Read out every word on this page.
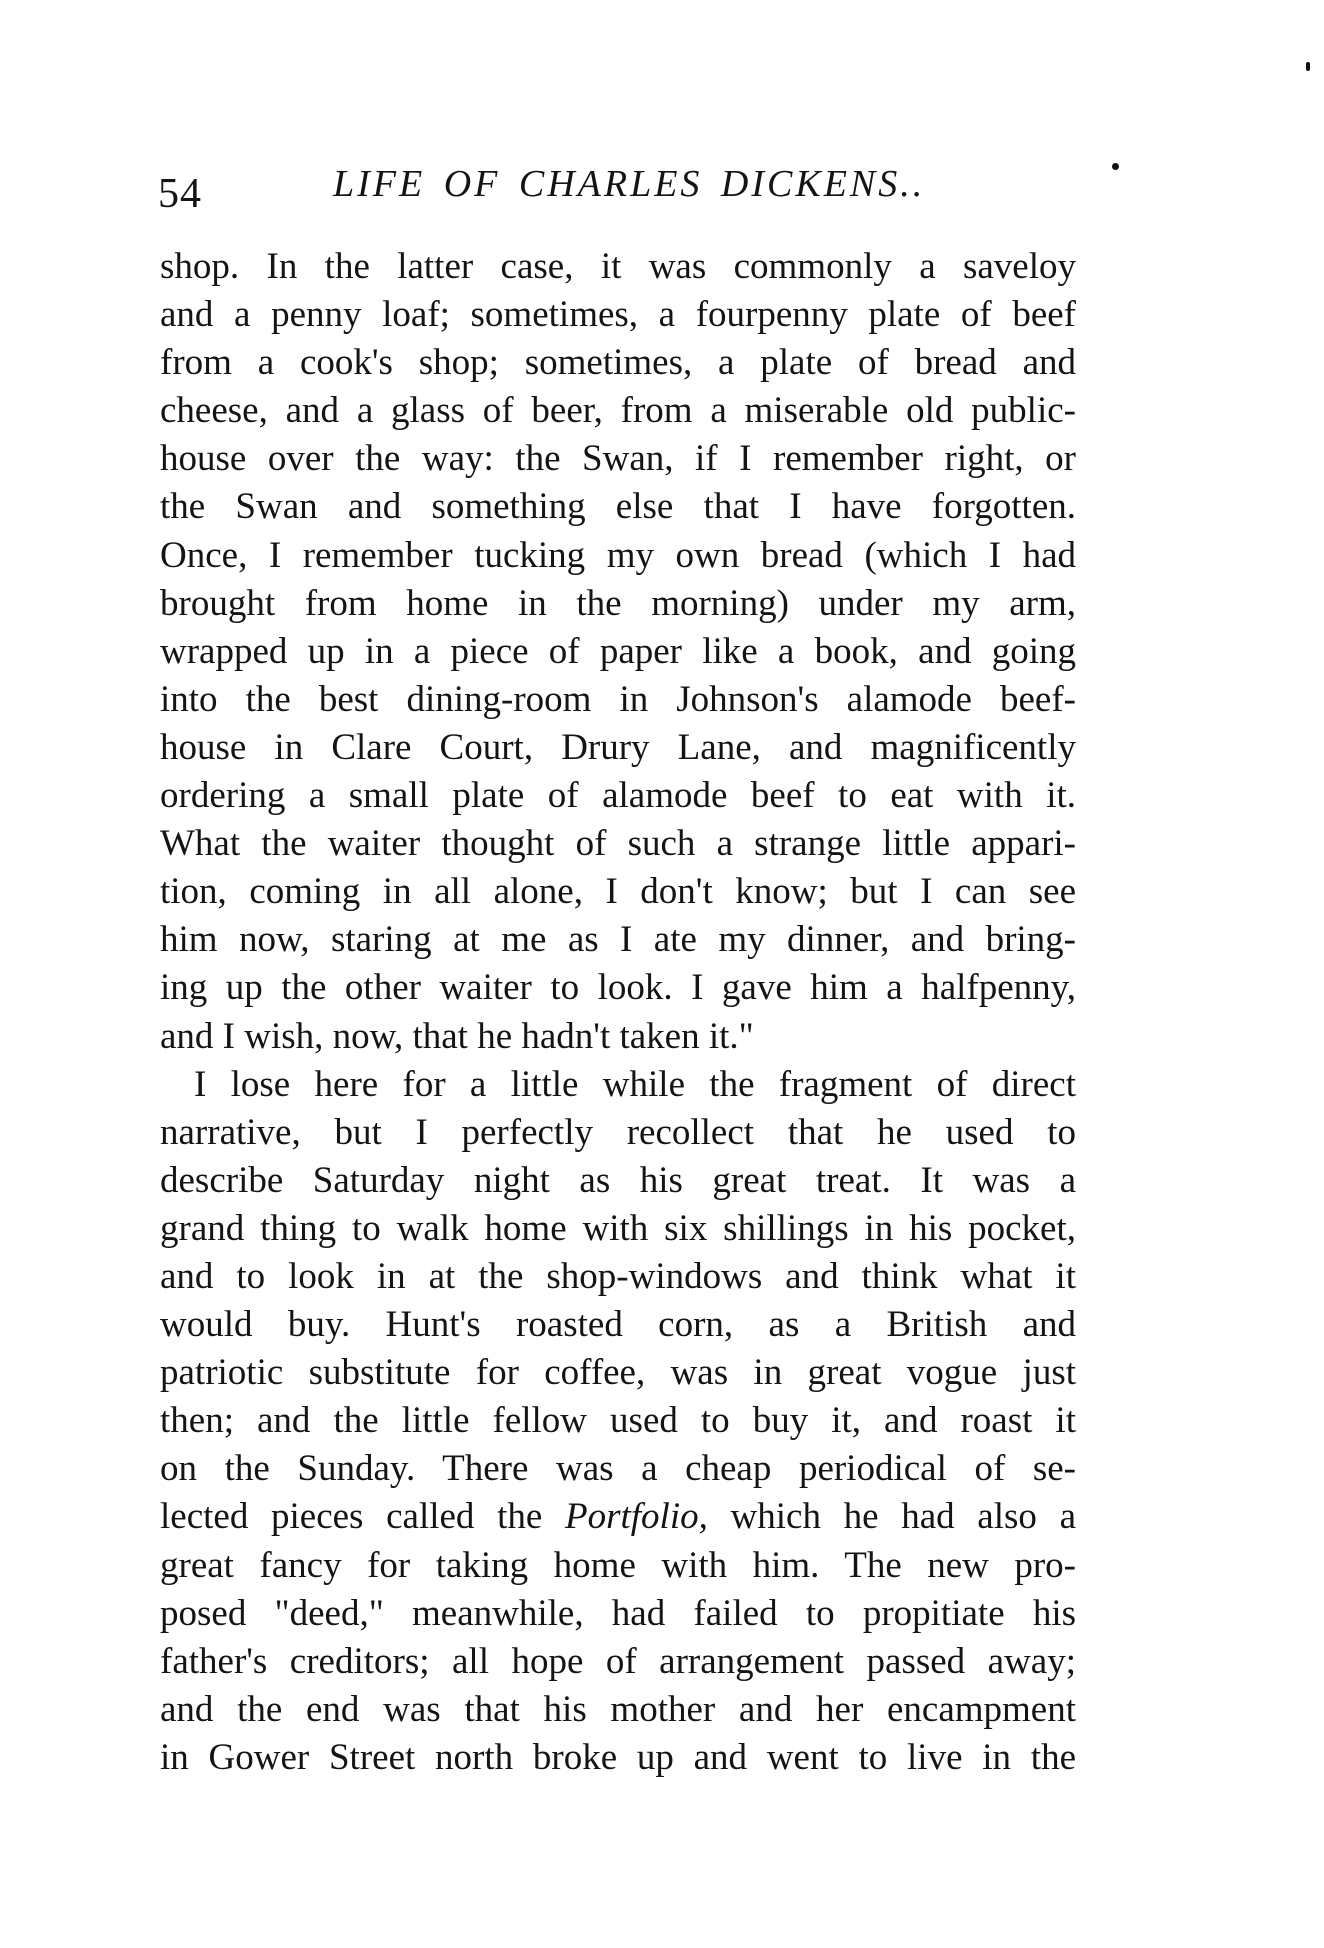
54	LIFE OF CHARLES DICKENS..
shop. In the latter case, it was commonly a saveloy
and a penny loaf; sometimes, a fourpenny plate of beef
from a cook's shop; sometimes, a plate of bread and
cheese, and a glass of beer, from a miserable old public-
house over the way: the Swan, if I remember right, or
the Swan and something else that I have forgotten.
Once, I remember tucking my own bread (which I had
brought from home in the morning) under my arm,
wrapped up in a piece of paper like a book, and going
into the best dining-room in Johnson's alamode beef-
house in Clare Court, Drury Lane, and magnificently
ordering a small plate of alamode beef to eat with it.
What the waiter thought of such a strange little appari-
tion, coming in all alone, I don't know; but I can see
him now, staring at me as I ate my dinner, and bring-
ing up the other waiter to look. I gave him a halfpenny,
and I wish, now, that he hadn't taken it."
I lose here for a little while the fragment of direct
narrative, but I perfectly recollect that he used to
describe Saturday night as his great treat. It was a
grand thing to walk home with six shillings in his pocket,
and to look in at the shop-windows and think what it
would buy. Hunt's roasted corn, as a British and
patriotic substitute for coffee, was in great vogue just
then; and the little fellow used to buy it, and roast it
on the Sunday. There was a cheap periodical of se-
lected pieces called the Portfolio, which he had also a
great fancy for taking home with him. The new pro-
posed "deed," meanwhile, had failed to propitiate his
father's creditors; all hope of arrangement passed away;
and the end was that his mother and her encampment
in Gower Street north broke up and went to live in the
